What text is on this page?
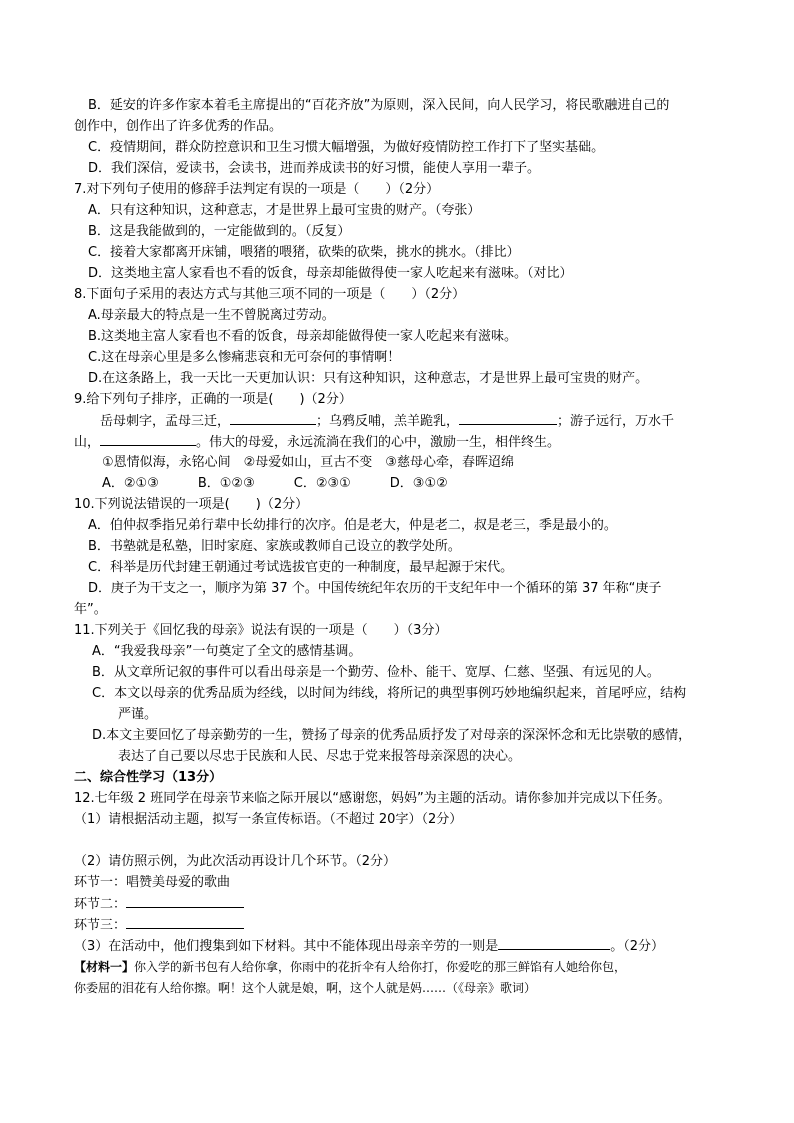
B．延安的许多作家本着毛主席提出的“百花齐放”为原则，深入民间，向人民学习，将民歌融进自己的
创作中，创作出了许多优秀的作品。
C．疫情期间，群众防控意识和卫生习惯大幅增强，为做好疫情防控工作打下了坚实基础。
D．我们深信，爱读书，会读书，进而养成读书的好习惯，能使人享用一辈子。
7.对下列句子使用的修辞手法判定有误的一项是（　　）（2分）
A．只有这种知识，这种意志，才是世界上最可宝贵的财产。（夸张）
B．这是我能做到的，一定能做到的。（反复）
C．接着大家都离开床铺，喂猪的喂猪，砍柴的砍柴，挑水的挑水。（排比）
D．这类地主富人家看也不看的饭食，母亲却能做得使一家人吃起来有滋味。（对比）
8.下面句子采用的表达方式与其他三项不同的一项是（　　）（2分）
A.母亲最大的特点是一生不曾脱离过劳动。
B.这类地主富人家看也不看的饭食，母亲却能做得使一家人吃起来有滋味。
C.这在母亲心里是多么惨痛悲哀和无可奈何的事情啊！
D.在这条路上，我一天比一天更加认识：只有这种知识，这种意志，才是世界上最可宝贵的财产。
9.给下列句子排序，正确的一项是(　　)（2分）
岳母刺字，孟母三迁，	；乌鸦反哺，羔羊跪乳，	；游子远行，万水千
山，	。伟大的母爱，永远流淌在我们的心中，激励一生，相伴终生。
①恩情似海，永铭心间　②母爱如山，亘古不变　③慈母心牵，春晖迢绵
A．②①③　　　B．①②③　　　C．②③①　　　D．③①②
10.下列说法错误的一项是(　　)（2分）
A．伯仲叔季指兄弟行辈中长幼排行的次序。伯是老大，仲是老二，叔是老三，季是最小的。
B．书塾就是私塾，旧时家庭、家族或教师自己设立的教学处所。
C．科举是历代封建王朝通过考试选拔官吏的一种制度，最早起源于宋代。
D．庚子为干支之一，顺序为第 37 个。中国传统纪年农历的干支纪年中一个循环的第 37 年称“庚子
年”。
11.下列关于《回忆我的母亲》说法有误的一项是（　　）（3分）
A．“我爱我母亲”一句奠定了全文的感情基调。
B．从文章所记叙的事件可以看出母亲是一个勤劳、俭朴、能干、宽厚、仁慈、坚强、有远见的人。
C．本文以母亲的优秀品质为经线，以时间为纬线，将所记的典型事例巧妙地编织起来，首尾呼应，结构
严谨。
D.本文主要回忆了母亲勤劳的一生，赞扬了母亲的优秀品质抒发了对母亲的深深怀念和无比崇敬的感情，
表达了自己要以尽忠于民族和人民、尽忠于党来报答母亲深恩的决心。
二、综合性学习（13分）
12.七年级 2 班同学在母亲节来临之际开展以“感谢您，妈妈”为主题的活动。请你参加并完成以下任务。
（1）请根据活动主题，拟写一条宣传标语。（不超过 20字）（2分）
（2）请仿照示例，为此次活动再设计几个环节。（2分）
环节一：唱赞美母爱的歌曲
环节二：
环节三：
（3）在活动中，他们搜集到如下材料。其中不能体现出母亲辛劳的一则是	。（2分）
【材料一】你入学的新书包有人给你拿，你雨中的花折伞有人给你打，你爱吃的那三鲜馅有人她给你包，
你委屈的泪花有人给你擦。啊！这个人就是娘，啊，这个人就是妈……（《母亲》歌词）
